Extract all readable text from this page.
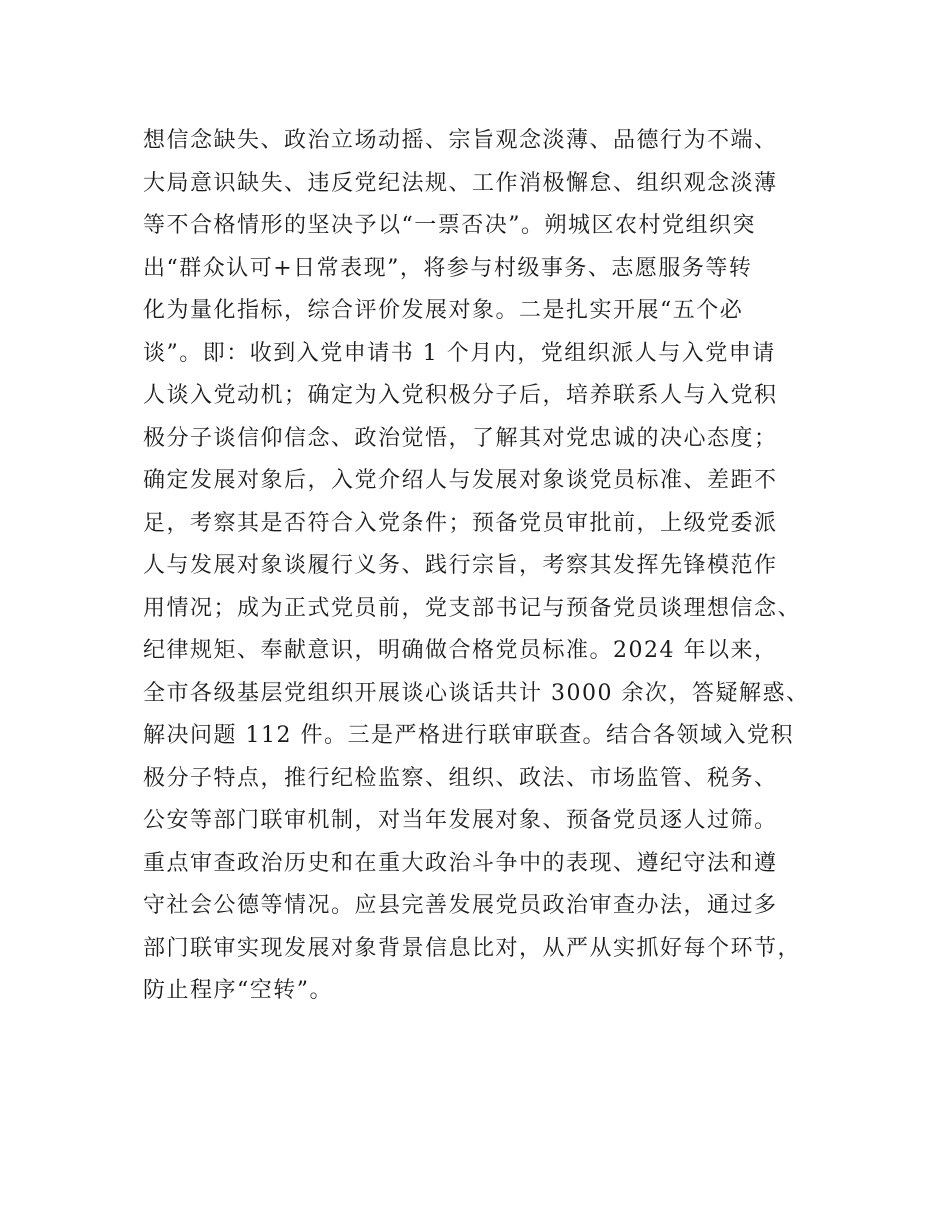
想信念缺失、政治立场动摇、宗旨观念淡薄、品德行为不端、
大局意识缺失、违反党纪法规、工作消极懈怠、组织观念淡薄
等不合格情形的坚决予以“一票否决”。朔城区农村党组织突
出“群众认可+日常表现”，将参与村级事务、志愿服务等转
化为量化指标，综合评价发展对象。二是扎实开展“五个必
谈”。即：收到入党申请书 1 个月内，党组织派人与入党申请
人谈入党动机；确定为入党积极分子后，培养联系人与入党积
极分子谈信仰信念、政治觉悟，了解其对党忠诚的决心态度；
确定发展对象后，入党介绍人与发展对象谈党员标准、差距不
足，考察其是否符合入党条件；预备党员审批前，上级党委派
人与发展对象谈履行义务、践行宗旨，考察其发挥先锋模范作
用情况；成为正式党员前，党支部书记与预备党员谈理想信念、
纪律规矩、奉献意识，明确做合格党员标准。2024 年以来，
全市各级基层党组织开展谈心谈话共计 3000 余次，答疑解惑、
解决问题 112 件。三是严格进行联审联查。结合各领域入党积
极分子特点，推行纪检监察、组织、政法、市场监管、税务、
公安等部门联审机制，对当年发展对象、预备党员逐人过筛。
重点审查政治历史和在重大政治斗争中的表现、遵纪守法和遵
守社会公德等情况。应县完善发展党员政治审查办法，通过多
部门联审实现发展对象背景信息比对，从严从实抓好每个环节，
防止程序“空转”。
